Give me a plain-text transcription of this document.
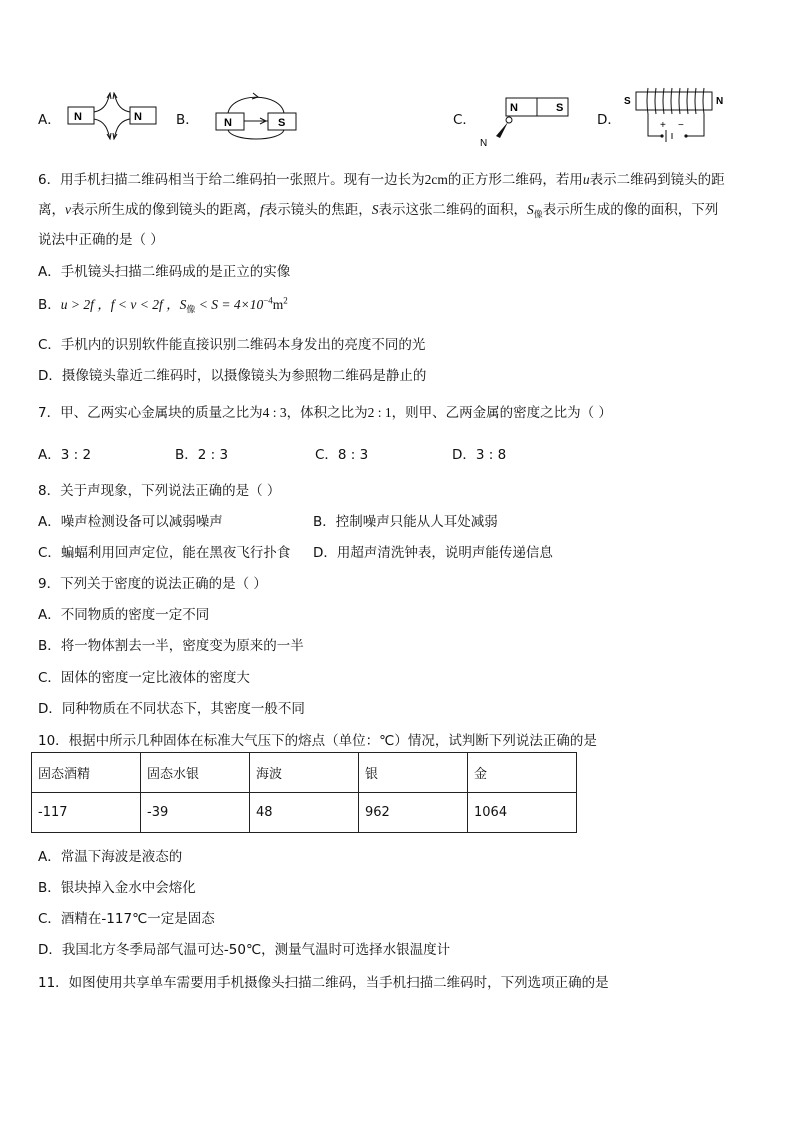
A． N	N	B． N	S	C．
N	S
N
D．
S	N
+ −
6．用手机扫描二维码相当于给二维码拍一张照片。现有一边长为2cm的正方形二维码，若用u表示二维码到镜头的距
离，v表示所生成的像到镜头的距离，f表示镜头的焦距，S表示这张二维码的面积，$S_像$表示所生成的像的面积，下列
说法中正确的是（ ）
A．手机镜头扫描二维码成的是正立的实像
B．u > 2f ，f < v < 2f ，$S_像 < S = 4\times 10^{-4}m^2$
C．手机内的识别软件能直接识别二维码本身发出的亮度不同的光
D．摄像镜头靠近二维码时，以摄像镜头为参照物二维码是静止的
7．甲、乙两实心金属块的质量之比为4 : 3，体积之比为2 : 1，则甲、乙两金属的密度之比为（ ）
A．3 : 2	B．2 : 3	C．8 : 3	D．3 : 8
8．关于声现象，下列说法正确的是（ ）
A．噪声检测设备可以减弱噪声	B．控制噪声只能从人耳处减弱
C．蝙蝠利用回声定位，能在黑夜飞行扑食 D．用超声清洗钟表，说明声能传递信息
9．下列关于密度的说法正确的是（ ）
A．不同物质的密度一定不同
B．将一物体割去一半，密度变为原来的一半
C．固体的密度一定比液体的密度大
D．同种物质在不同状态下，其密度一般不同
10．根据中所示几种固体在标准大气压下的熔点（单位：℃）情况，试判断下列说法正确的是
固态酒精	固态水银	海波	银	金
-117	-39	48	962	1064
A．常温下海波是液态的
B．银块掉入金水中会熔化
C．酒精在-117℃一定是固态
D．我国北方冬季局部气温可达-50℃，测量气温时可选择水银温度计
11．如图使用共享单车需要用手机摄像头扫描二维码，当手机扫描二维码时，下列选项正确的是
